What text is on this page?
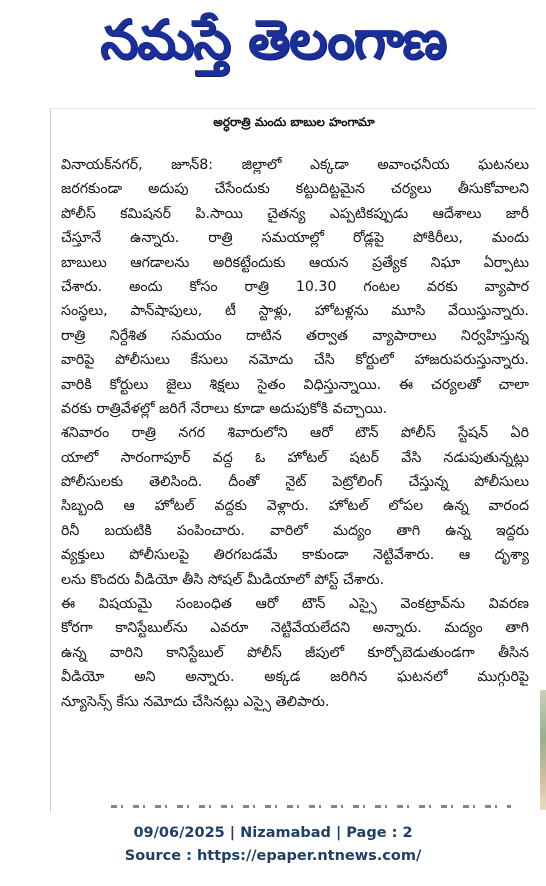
నమస్తే తెలంగాణ
అర్ధరాత్రి మందు బాబుల హంగామా
వినాయక్‌నగర్‌, జూన్‌8: జిల్లాలో ఎక్కడా అవాంఛనీయ ఘటనలు
జరగకుండా అదుపు చేసేందుకు కట్టుదిట్టమైన చర్యలు తీసుకోవాలని
పోలీస్‌ కమిషనర్‌ పి.సాయి చైతన్య ఎప్పటికప్పుడు ఆదేశాలు జారీ
చేస్తూనే ఉన్నారు. రాత్రి సమయాల్లో రోడ్లపై పోకిరీలు, మందు
బాబులు ఆగడాలను అరికట్టేందుకు ఆయన ప్రత్యేక నిఘా ఏర్పాటు
చేశారు. అందు కోసం రాత్రి 10.30 గంటల వరకు వ్యాపార
సంస్థలు, పాన్‌షాపులు, టీ స్టాళ్లు, హోటళ్లను మూసి వేయిస్తున్నారు.
రాత్రి నిర్దేశిత సమయం దాటిన తర్వాత వ్యాపారాలు నిర్వహిస్తున్న
వారిపై పోలీసులు కేసులు నమోదు చేసి కోర్టులో హాజరుపరుస్తున్నారు.
వారికి కోర్టులు జైలు శిక్షలు సైతం విధిస్తున్నాయి. ఈ చర్యలతో చాలా
వరకు రాత్రివేళల్లో జరిగే నేరాలు కూడా అదుపుకోకి వచ్చాయి.
శనివారం రాత్రి నగర శివారులోని ఆరో టౌన్‌ పోలీస్‌ స్టేషన్‌ ఏరి
యాలో సారంగాపూర్‌ వద్ద ఓ హోటల్‌ షటర్‌ వేసి నడుపుతున్నట్లు
పోలీసులకు తెలిసింది. దీంతో నైట్‌ పెట్రోలింగ్‌ చేస్తున్న పోలీసులు
సిబ్బంది ఆ హోటల్‌ వద్దకు వెళ్లారు. హోటల్‌ లోపల ఉన్న వారంద
రినీ బయటికి పంపించారు. వారిలో మద్యం తాగి ఉన్న ఇద్దరు
వ్యక్తులు పోలీసులపై తిరగబడమే కాకుండా నెట్టివేశారు. ఆ దృశ్యా
లను కొందరు వీడియో తీసి సోషల్‌ మీడియాలో పోస్ట్‌ చేశారు.
ఈ విషయమై సంబంధిత ఆరో టౌన్‌ ఎస్సై వెంకట్రావ్‌ను వివరణ
కోరగా కానిస్టేబుల్‌ను ఎవరూ నెట్టివేయలేదని అన్నారు. మద్యం తాగి
ఉన్న వారిని కానిస్టేబుల్‌ పోలీస్‌ జీపులో కూర్చోబెడుతుండగా తీసిన
వీడియో అని అన్నారు. అక్కడ జరిగిన ఘటనలో ముగ్గురిపై
న్యూసెన్స్‌ కేసు నమోదు చేసినట్లు ఎస్సై తెలిపారు.
09/06/2025 | Nizamabad | Page : 2
Source : https://epaper.ntnews.com/
